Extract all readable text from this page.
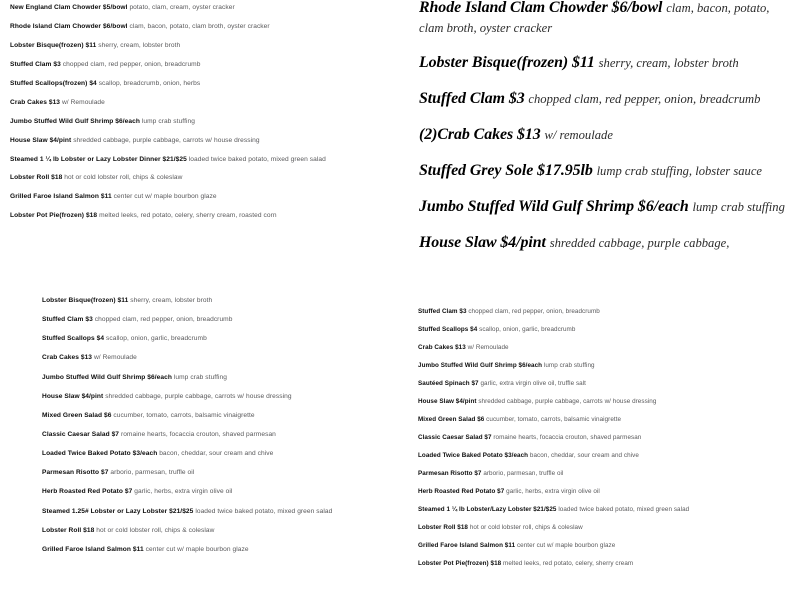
New England Clam Chowder $5/bowl potato, clam, cream, oyster cracker
Rhode Island Clam Chowder $6/bowl clam, bacon, potato, clam broth, oyster cracker
Lobster Bisque(frozen) $11 sherry, cream, lobster broth
Stuffed Clam $3 chopped clam, red pepper, onion, breadcrumb
Stuffed Scallops(frozen) $4 scallop, breadcrumb, onion, herbs
Crab Cakes $13 w/ Remoulade
Jumbo Stuffed Wild Gulf Shrimp $6/each lump crab stuffing
House Slaw $4/pint shredded cabbage, purple cabbage, carrots w/ house dressing
Steamed 1 ¼ lb Lobster or Lazy Lobster Dinner $21/$25 loaded twice baked potato, mixed green salad
Lobster Roll $18 hot or cold lobster roll, chips & coleslaw
Grilled Faroe Island Salmon $11 center cut w/ maple bourbon glaze
Lobster Pot Pie(frozen) $18 melted leeks, red potato, celery, sherry cream, roasted corn
Rhode Island Clam Chowder $6/bowl clam, bacon, potato, clam broth, oyster cracker
Lobster Bisque(frozen) $11 sherry, cream, lobster broth
Stuffed Clam $3 chopped clam, red pepper, onion, breadcrumb
(2)Crab Cakes $13 w/ remoulade
Stuffed Grey Sole $17.95lb lump crab stuffing, lobster sauce
Jumbo Stuffed Wild Gulf Shrimp $6/each lump crab stuffing
House Slaw $4/pint shredded cabbage, purple cabbage,
Lobster Bisque(frozen) $11 sherry, cream, lobster broth
Stuffed Clam $3 chopped clam, red pepper, onion, breadcrumb
Stuffed Scallops $4 scallop, onion, garlic, breadcrumb
Crab Cakes $13 w/ Remoulade
Jumbo Stuffed Wild Gulf Shrimp $6/each lump crab stuffing
House Slaw $4/pint shredded cabbage, purple cabbage, carrots w/ house dressing
Mixed Green Salad $6 cucumber, tomato, carrots, balsamic vinaigrette
Classic Caesar Salad $7 romaine hearts, focaccia crouton, shaved parmesan
Loaded Twice Baked Potato $3/each bacon, cheddar, sour cream and chive
Parmesan Risotto $7 arborio, parmesan, truffle oil
Herb Roasted Red Potato $7 garlic, herbs, extra virgin olive oil
Steamed 1.25# Lobster or Lazy Lobster $21/$25 loaded twice baked potato, mixed green salad
Lobster Roll $18 hot or cold lobster roll, chips & coleslaw
Grilled Faroe Island Salmon $11 center cut w/ maple bourbon glaze
Stuffed Clam $3 chopped clam, red pepper, onion, breadcrumb
Stuffed Scallops $4 scallop, onion, garlic, breadcrumb
Crab Cakes $13 w/ Remoulade
Jumbo Stuffed Wild Gulf Shrimp $6/each lump crab stuffing
Sautéed Spinach $7 garlic, extra virgin olive oil, truffle salt
House Slaw $4/pint shredded cabbage, purple cabbage, carrots w/ house dressing
Mixed Green Salad $6 cucumber, tomato, carrots, balsamic vinaigrette
Classic Caesar Salad $7 romaine hearts, focaccia crouton, shaved parmesan
Loaded Twice Baked Potato $3/each bacon, cheddar, sour cream and chive
Parmesan Risotto $7 arborio, parmesan, truffle oil
Herb Roasted Red Potato $7 garlic, herbs, extra virgin olive oil
Steamed 1 ¼ lb Lobster/Lazy Lobster $21/$25 loaded twice baked potato, mixed green salad
Lobster Roll $18 hot or cold lobster roll, chips & coleslaw
Grilled Faroe Island Salmon $11 center cut w/ maple bourbon glaze
Lobster Pot Pie(frozen) $18 melted leeks, red potato, celery, sherry cream
